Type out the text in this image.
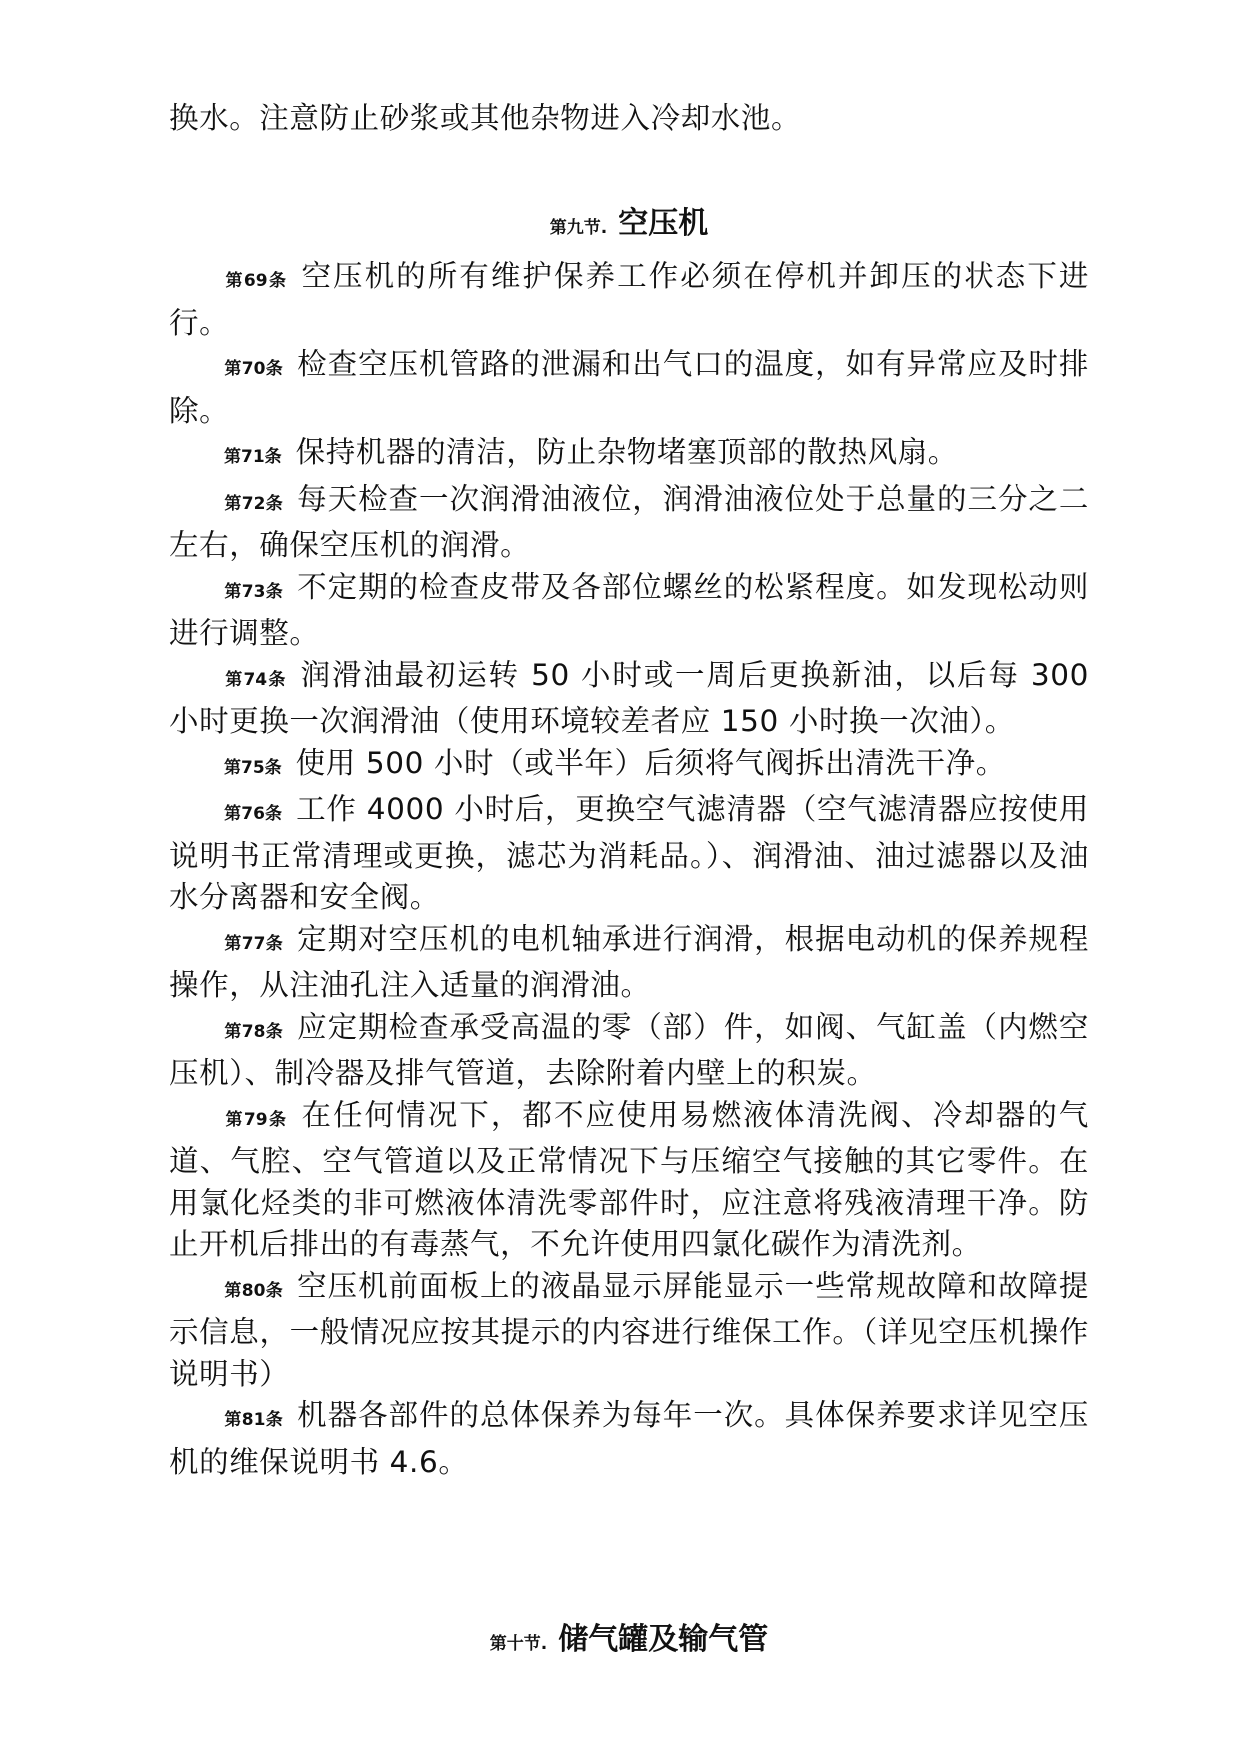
换水。注意防止砂浆或其他杂物进入冷却水池。

第九节. 空压机

第69条 空压机的所有维护保养工作必须在停机并卸压的状态下进行。

第70条 检查空压机管路的泄漏和出气口的温度，如有异常应及时排除。

第71条 保持机器的清洁，防止杂物堵塞顶部的散热风扇。

第72条 每天检查一次润滑油液位，润滑油液位处于总量的三分之二左右，确保空压机的润滑。

第73条 不定期的检查皮带及各部位螺丝的松紧程度。如发现松动则进行调整。

第74条 润滑油最初运转 50 小时或一周后更换新油，以后每 300 小时更换一次润滑油（使用环境较差者应 150 小时换一次油）。

第75条 使用 500 小时（或半年）后须将气阀拆出清洗干净。

第76条 工作 4000 小时后，更换空气滤清器（空气滤清器应按使用说明书正常清理或更换，滤芯为消耗品。）、润滑油、油过滤器以及油水分离器和安全阀。

第77条 定期对空压机的电机轴承进行润滑，根据电动机的保养规程操作，从注油孔注入适量的润滑油。

第78条 应定期检查承受高温的零（部）件，如阀、气缸盖（内燃空压机）、制冷器及排气管道，去除附着内壁上的积炭。

第79条 在任何情况下，都不应使用易燃液体清洗阀、冷却器的气道、气腔、空气管道以及正常情况下与压缩空气接触的其它零件。在用氯化烃类的非可燃液体清洗零部件时，应注意将残液清理干净。防止开机后排出的有毒蒸气，不允许使用四氯化碳作为清洗剂。

第80条 空压机前面板上的液晶显示屏能显示一些常规故障和故障提示信息，一般情况应按其提示的内容进行维保工作。（详见空压机操作说明书）

第81条 机器各部件的总体保养为每年一次。具体保养要求详见空压机的维保说明书 4.6。

第十节. 储气罐及输气管
